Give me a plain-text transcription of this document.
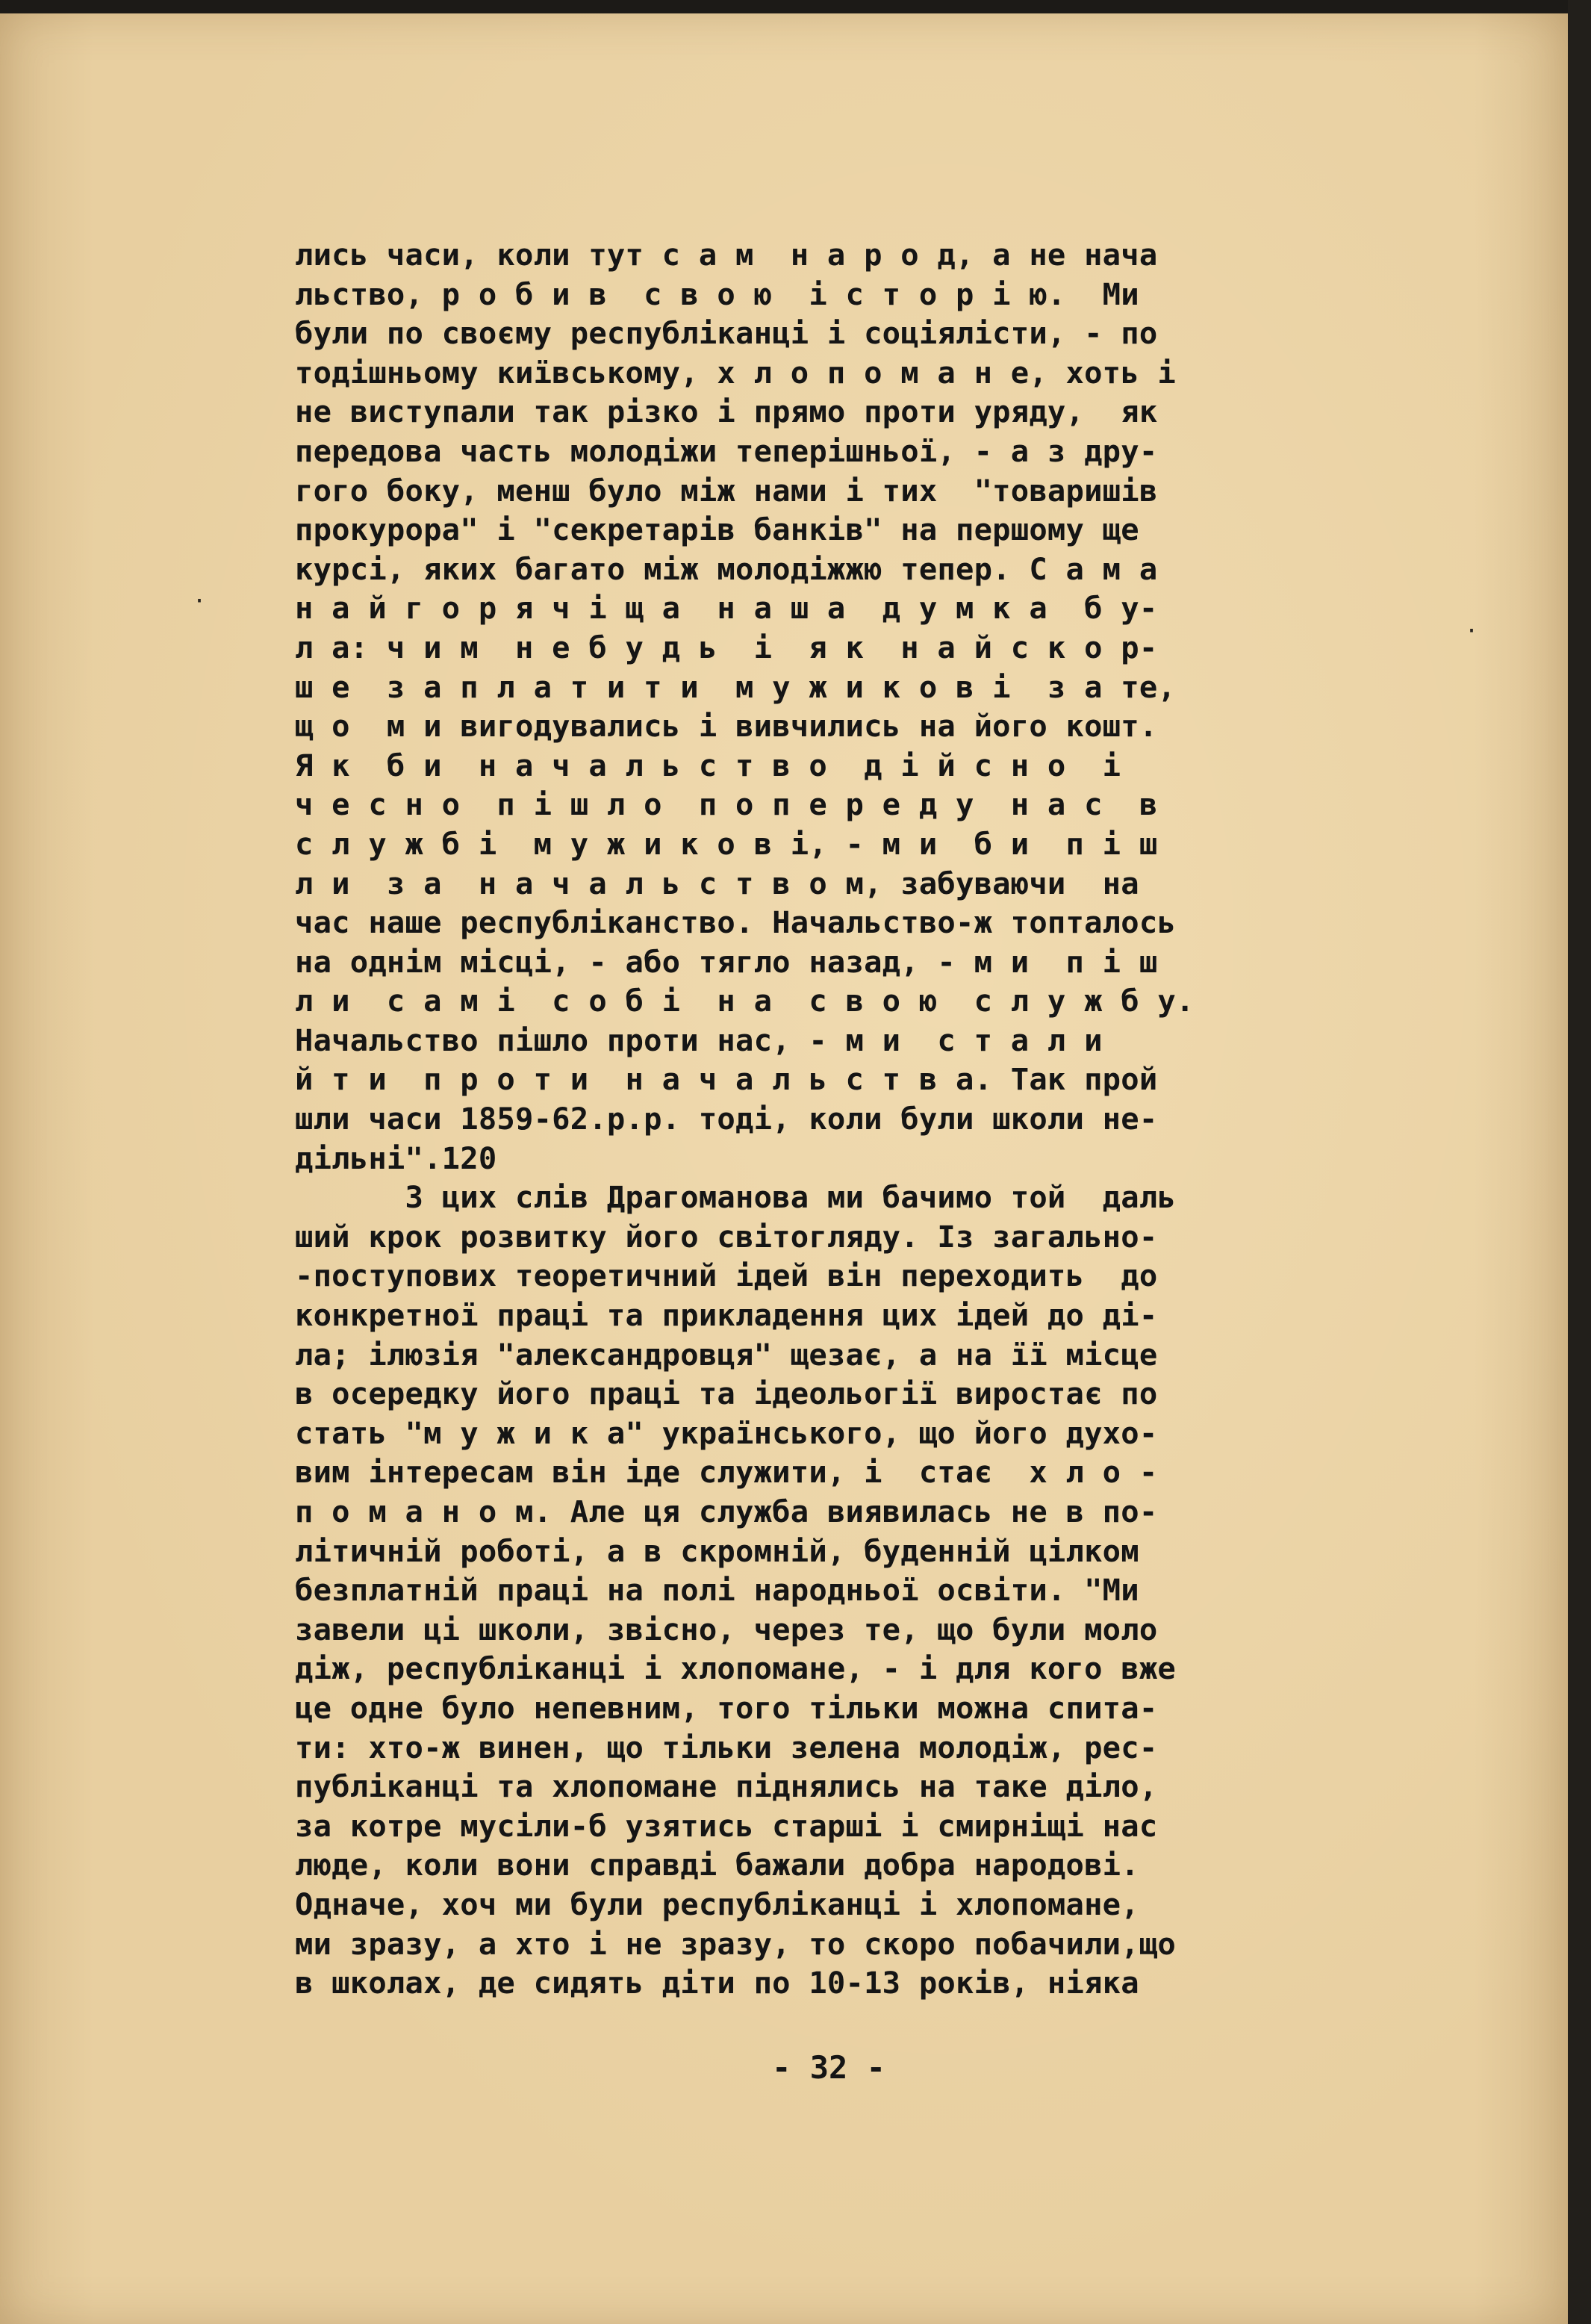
лись часи, коли тут с а м  н а р о д, а не нача
льство, р о б и в  с в о ю  і с т о р і ю.  Ми
були по своєму республіканці і соціялісти, - по
тодішньому київському, х л о п о м а н е, хоть і
не виступали так різко і прямо проти уряду,  як
передова часть молодіжи теперішньої, - а з дру-
гого боку, менш було між нами і тих  "товаришів
прокурора" і "секретарів банків" на першому ще
курсі, яких багато між молодіжжю тепер. С а м а
н а й г о р я ч і щ а  н а ш а  д у м к а  б у-
л а: ч и м  н е б у д ь  і  я к  н а й с к о р-
ш е  з а п л а т и т и  м у ж и к о в і  з а те,
щ о  м и вигодувались і вивчились на його кошт.
Я к  б и  н а ч а л ь с т в о  д і й с н о  і
ч е с н о  п і ш л о  п о п е р е д у  н а с  в
с л у ж б і  м у ж и к о в і, - м и  б и  п і ш
л и  з а  н а ч а л ь с т в о м, забуваючи  на
час наше республіканство. Начальство-ж топталось
на однім місці, - або тягло назад, - м и  п і ш
л и  с а м і  с о б і  н а  с в о ю  с л у ж б у.
Начальство пішло проти нас, - м и  с т а л и
й т и  п р о т и  н а ч а л ь с т в а. Так прой
шли часи 1859-62.р.р. тоді, коли були школи не-
дільні".120
З цих слів Драгоманова ми бачимо той  даль
ший крок розвитку його світогляду. Із загально-
-поступових теоретичний ідей він переходить  до
конкретної праці та прикладення цих ідей до ді-
ла; ілюзія "александровця" щезає, а на її місце
в осередку його праці та ідеольогії виростає по
стать "м у ж и к а" українського, що його духо-
вим інтересам він іде служити, і  стає  х л о -
п о м а н о м. Але ця служба виявилась не в по-
літичній роботі, а в скромній, буденній цілком
безплатній праці на полі народньої освіти. "Ми
завели ці школи, звісно, через те, що були моло
діж, республіканці і хлопомане, - і для кого вже
це одне було непевним, того тільки можна спита-
ти: хто-ж винен, що тільки зелена молодіж, рес-
публіканці та хлопомане піднялись на таке діло,
за котре мусіли-б узятись старші і смирніщі нас
люде, коли вони справді бажали добра народові.
Одначе, хоч ми були республіканці і хлопомане,
ми зразу, а хто і не зразу, то скоро побачили,що
в школах, де сидять діти по 10-13 років, ніяка

- 32 -
·
·
